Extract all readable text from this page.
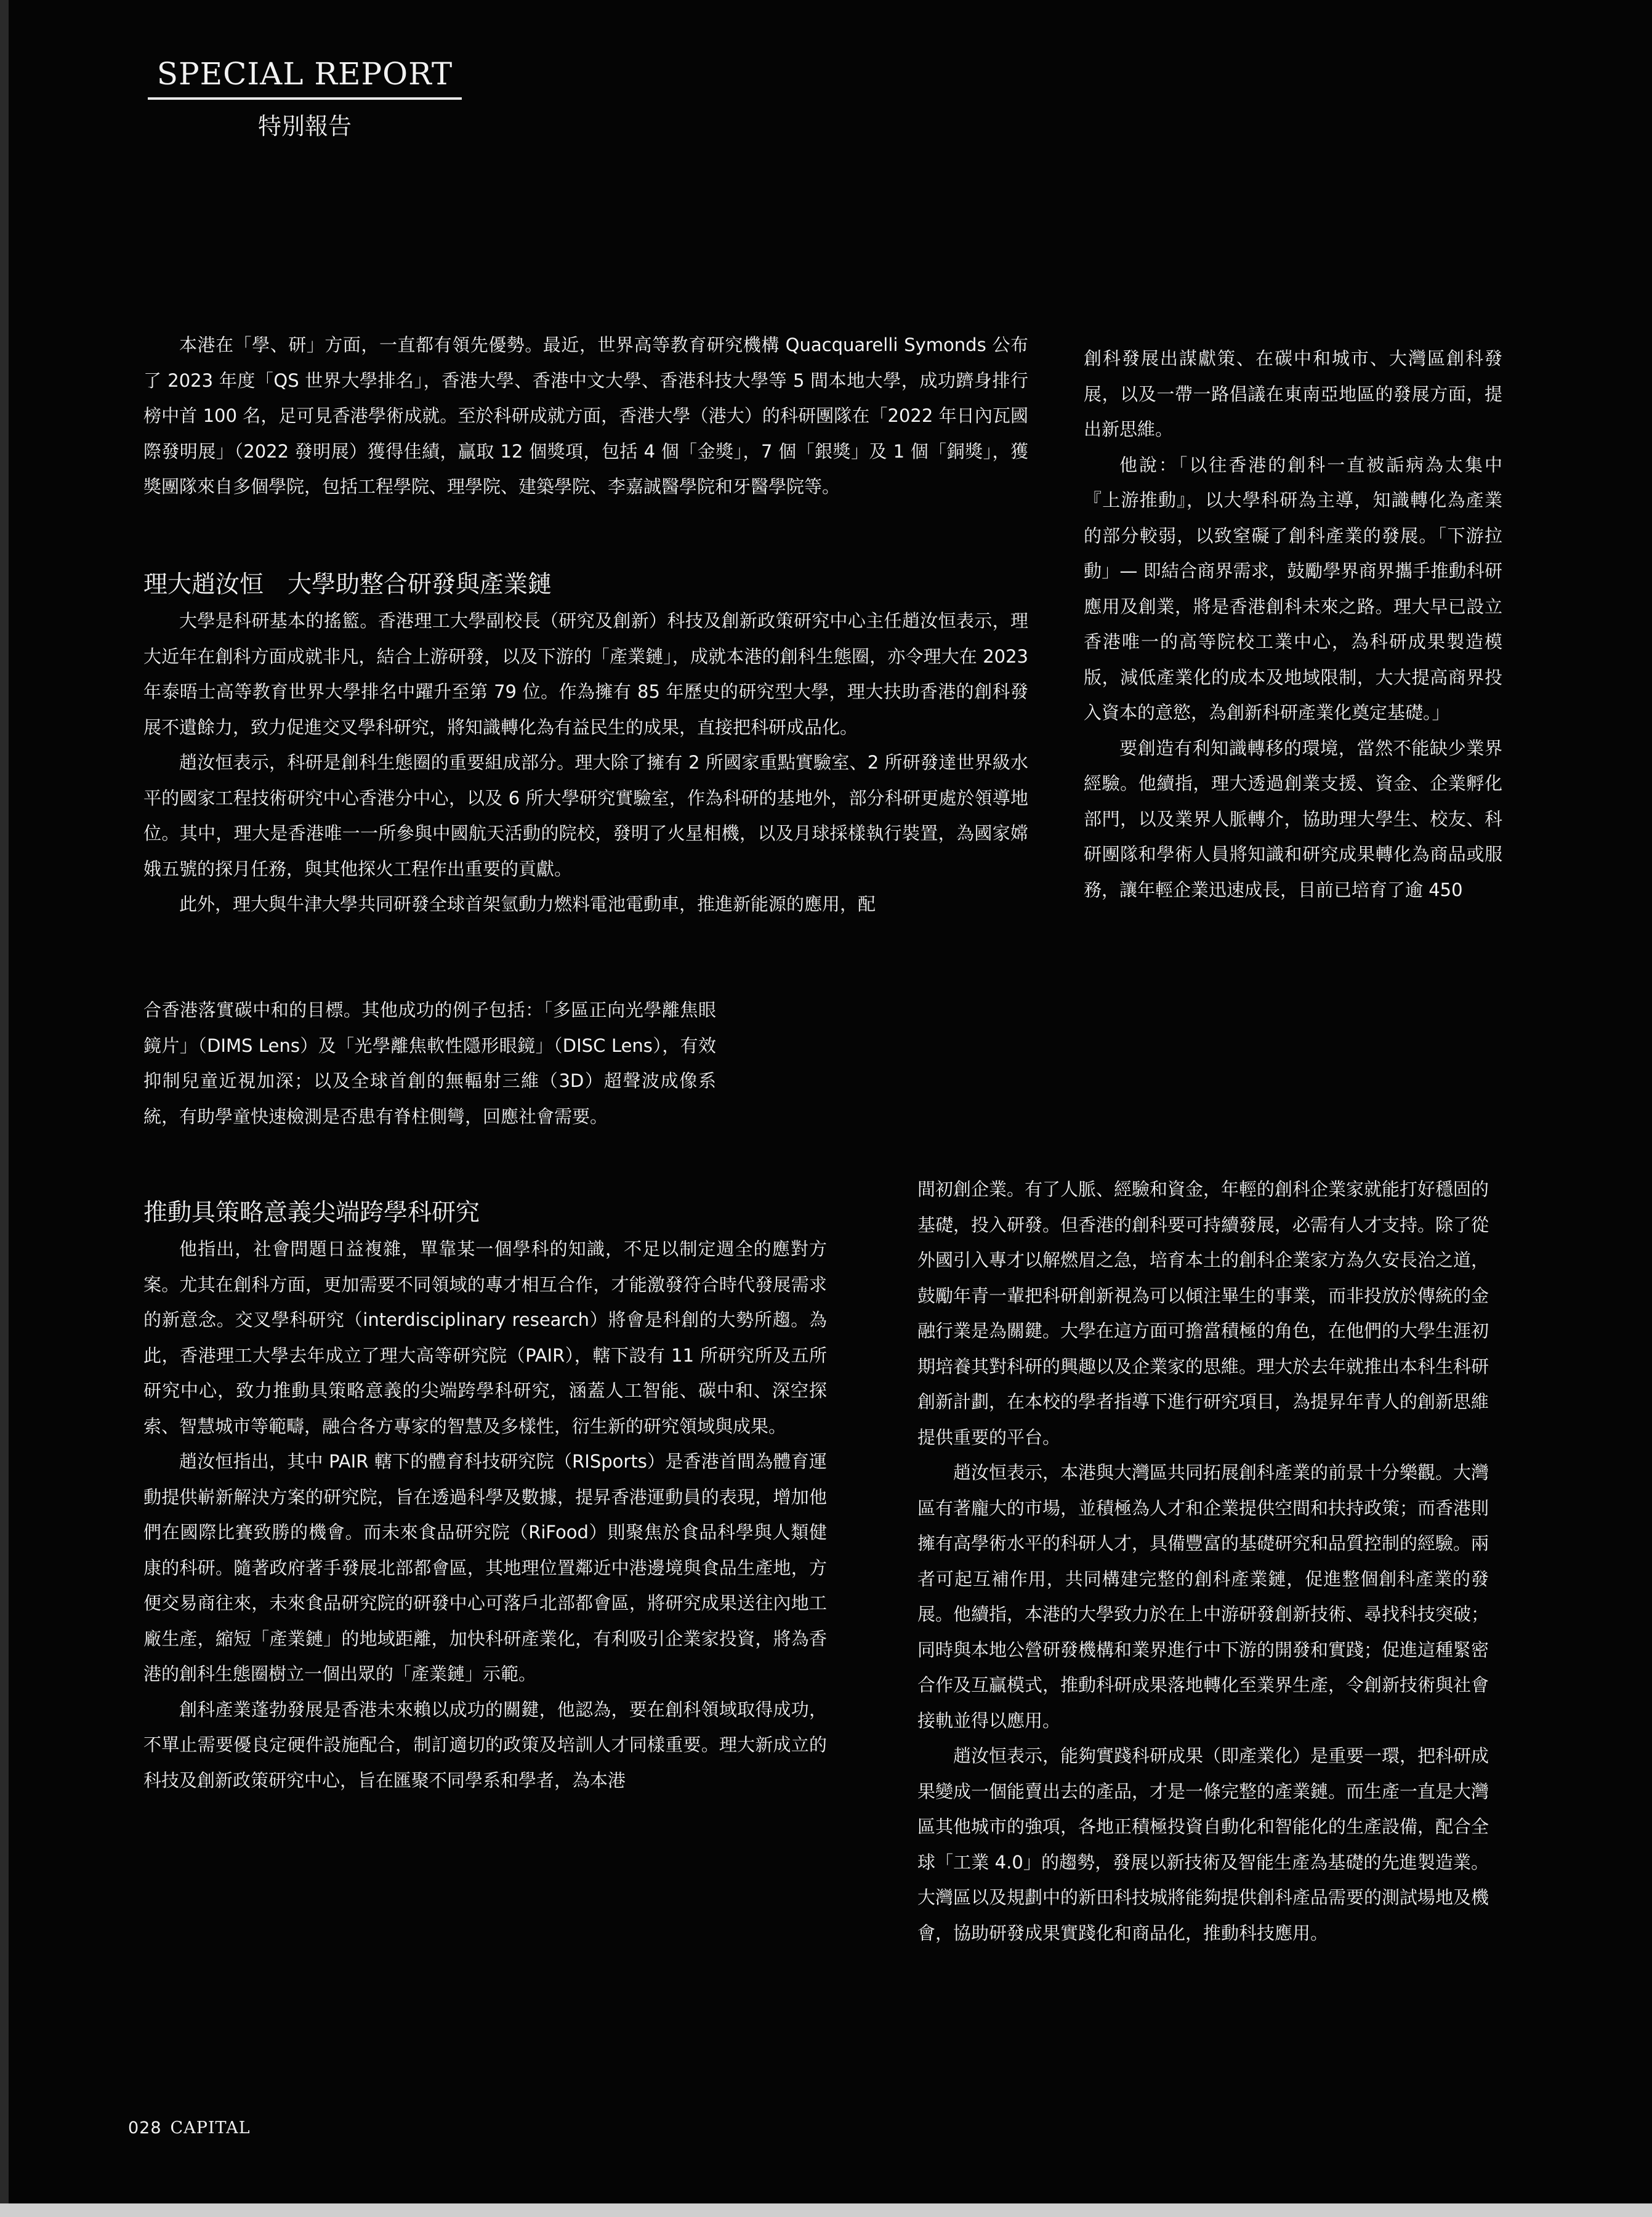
SPECIAL REPORT
特別報告

本港在「學、研」方面，一直都有領先優勢。最近，世界高等教育研究機構 Quacquarelli Symonds 公布了 2023 年度「QS 世界大學排名」，香港大學、香港中文大學、香港科技大學等 5 間本地大學，成功躋身排行榜中首 100 名，足可見香港學術成就。至於科研成就方面，香港大學（港大）的科研團隊在「2022 年日內瓦國際發明展」（2022 發明展）獲得佳績，贏取 12 個獎項，包括 4 個「金獎」，7 個「銀獎」及 1 個「銅獎」，獲獎團隊來自多個學院，包括工程學院、理學院、建築學院、李嘉誠醫學院和牙醫學院等。

理大趙汝恒　大學助整合研發與產業鏈

大學是科研基本的搖籃。香港理工大學副校長（研究及創新）科技及創新政策研究中心主任趙汝恒表示，理大近年在創科方面成就非凡，結合上游研發，以及下游的「產業鏈」，成就本港的創科生態圈，亦令理大在 2023 年泰晤士高等教育世界大學排名中躍升至第 79 位。作為擁有 85 年歷史的研究型大學，理大扶助香港的創科發展不遺餘力，致力促進交叉學科研究，將知識轉化為有益民生的成果，直接把科研成品化。

趙汝恒表示，科研是創科生態圈的重要組成部分。理大除了擁有 2 所國家重點實驗室、2 所研發達世界級水平的國家工程技術研究中心香港分中心，以及 6 所大學研究實驗室，作為科研的基地外，部分科研更處於領導地位。其中，理大是香港唯一一所參與中國航天活動的院校，發明了火星相機，以及月球採樣執行裝置，為國家嫦娥五號的探月任務，與其他探火工程作出重要的貢獻。

此外，理大與牛津大學共同研發全球首架氫動力燃料電池電動車，推進新能源的應用，配

合香港落實碳中和的目標。其他成功的例子包括：「多區正向光學離焦眼鏡片」（DIMS Lens）及「光學離焦軟性隱形眼鏡」（DISC Lens），有效抑制兒童近視加深；以及全球首創的無輻射三維（3D）超聲波成像系統，有助學童快速檢測是否患有脊柱側彎，回應社會需要。

推動具策略意義尖端跨學科研究

他指出，社會問題日益複雜，單靠某一個學科的知識，不足以制定週全的應對方案。尤其在創科方面，更加需要不同領域的專才相互合作，才能激發符合時代發展需求的新意念。交叉學科研究（interdisciplinary research）將會是科創的大勢所趨。為此，香港理工大學去年成立了理大高等研究院（PAIR），轄下設有 11 所研究所及五所研究中心，致力推動具策略意義的尖端跨學科研究，涵蓋人工智能、碳中和、深空探索、智慧城市等範疇，融合各方專家的智慧及多樣性，衍生新的研究領域與成果。

趙汝恒指出，其中 PAIR 轄下的體育科技研究院（RISports）是香港首間為體育運動提供嶄新解決方案的研究院，旨在透過科學及數據，提昇香港運動員的表現，增加他們在國際比賽致勝的機會。而未來食品研究院（RiFood）則聚焦於食品科學與人類健康的科研。隨著政府著手發展北部都會區，其地理位置鄰近中港邊境與食品生產地，方便交易商往來，未來食品研究院的研發中心可落戶北部都會區，將研究成果送往內地工廠生產，縮短「產業鏈」的地域距離，加快科研產業化，有利吸引企業家投資，將為香港的創科生態圈樹立一個出眾的「產業鏈」示範。

創科產業蓬勃發展是香港未來賴以成功的關鍵，他認為，要在創科領域取得成功，不單止需要優良定硬件設施配合，制訂適切的政策及培訓人才同樣重要。理大新成立的科技及創新政策研究中心，旨在匯聚不同學系和學者，為本港

創科發展出謀獻策、在碳中和城市、大灣區創科發展，以及一帶一路倡議在東南亞地區的發展方面，提出新思維。

他說：「以往香港的創科一直被詬病為太集中『上游推動』，以大學科研為主導，知識轉化為產業的部分較弱，以致窒礙了創科產業的發展。「下游拉動」— 即結合商界需求，鼓勵學界商界攜手推動科研應用及創業，將是香港創科未來之路。理大早已設立香港唯一的高等院校工業中心，為科研成果製造模版，減低產業化的成本及地域限制，大大提高商界投入資本的意慾，為創新科研產業化奠定基礎。」

要創造有利知識轉移的環境，當然不能缺少業界經驗。他續指，理大透過創業支援、資金、企業孵化部門，以及業界人脈轉介，協助理大學生、校友、科研團隊和學術人員將知識和研究成果轉化為商品或服務，讓年輕企業迅速成長，目前已培育了逾 450

間初創企業。有了人脈、經驗和資金，年輕的創科企業家就能打好穩固的基礎，投入研發。但香港的創科要可持續發展，必需有人才支持。除了從外國引入專才以解燃眉之急，培育本土的創科企業家方為久安長治之道，鼓勵年青一輩把科研創新視為可以傾注畢生的事業，而非投放於傳統的金融行業是為關鍵。大學在這方面可擔當積極的角色，在他們的大學生涯初期培養其對科研的興趣以及企業家的思維。理大於去年就推出本科生科研創新計劃，在本校的學者指導下進行研究項目，為提昇年青人的創新思維提供重要的平台。

趙汝恒表示，本港與大灣區共同拓展創科產業的前景十分樂觀。大灣區有著龐大的市場，並積極為人才和企業提供空間和扶持政策；而香港則擁有高學術水平的科研人才，具備豐富的基礎研究和品質控制的經驗。兩者可起互補作用，共同構建完整的創科產業鏈，促進整個創科產業的發展。他續指，本港的大學致力於在上中游研發創新技術、尋找科技突破；同時與本地公營研發機構和業界進行中下游的開發和實踐；促進這種緊密合作及互贏模式，推動科研成果落地轉化至業界生產，令創新技術與社會接軌並得以應用。

趙汝恒表示，能夠實踐科研成果（即產業化）是重要一環，把科研成果變成一個能賣出去的產品，才是一條完整的產業鏈。而生產一直是大灣區其他城市的強項，各地正積極投資自動化和智能化的生產設備，配合全球「工業 4.0」的趨勢，發展以新技術及智能生產為基礎的先進製造業。大灣區以及規劃中的新田科技城將能夠提供創科產品需要的測試場地及機會，協助研發成果實踐化和商品化，推動科技應用。

028 CAPITAL
